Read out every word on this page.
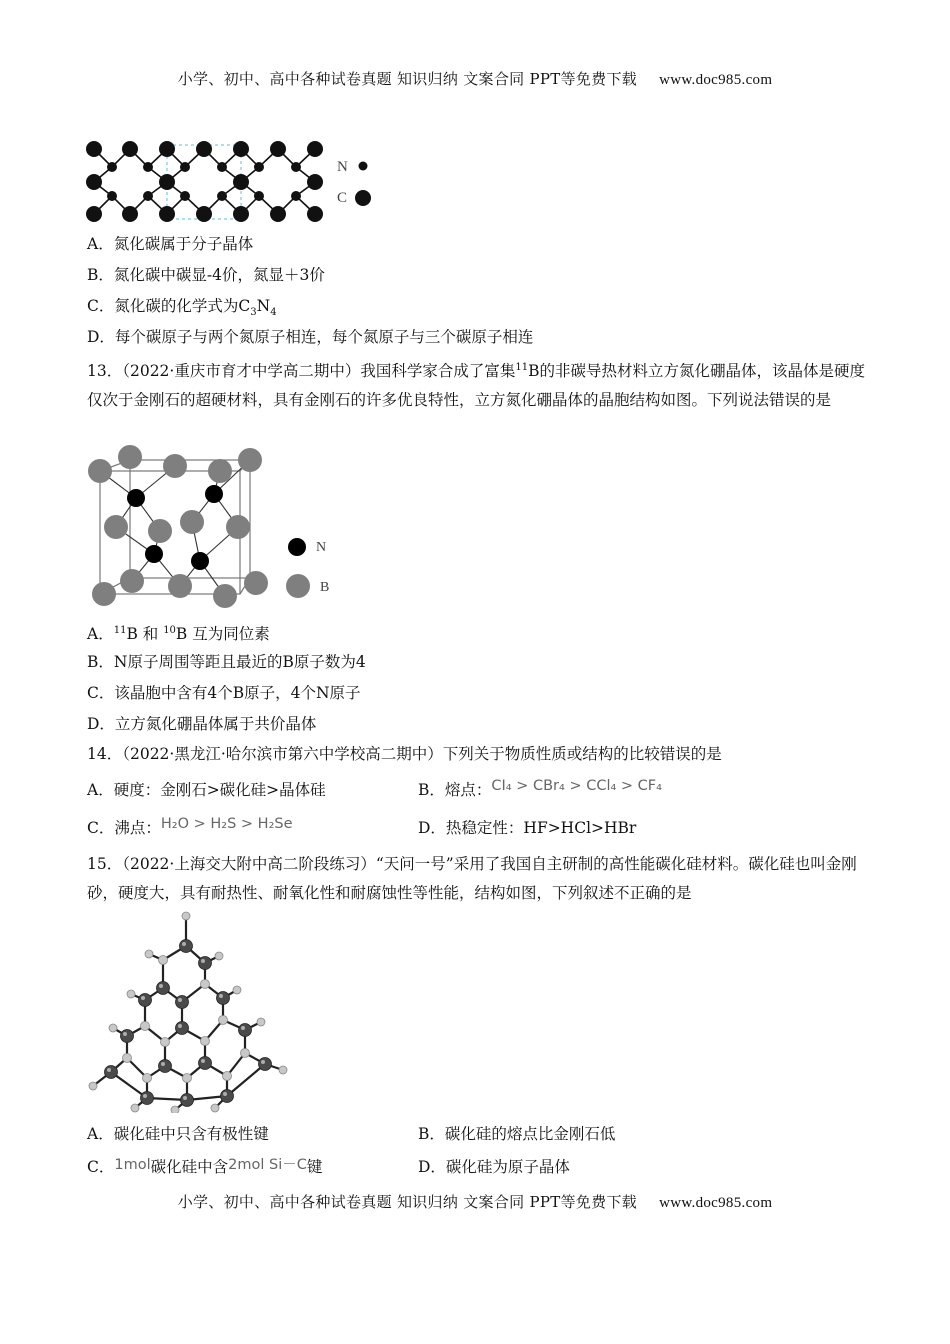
小学、初中、高中各种试卷真题 知识归纳 文案合同 PPT等免费下载 www.doc985.com
N
C
A．氮化碳属于分子晶体
B．氮化碳中碳显-4价，氮显＋3价
C．氮化碳的化学式为$C_3N_4$
D．每个碳原子与两个氮原子相连，每个氮原子与三个碳原子相连
13．（2022·重庆市育才中学高二期中）我国科学家合成了富集$^{11}$B的非碳导热材料立方氮化硼晶体，该晶体是硬度仅次于金刚石的超硬材料，具有金刚石的许多优良特性，立方氮化硼晶体的晶胞结构如图。下列说法错误的是
N
B
A．$^{11}$B 和 $^{10}$B 互为同位素
B．N原子周围等距且最近的B原子数为4
C．该晶胞中含有4个B原子，4个N原子
D．立方氮化硼晶体属于共价晶体
14．（2022·黑龙江·哈尔滨市第六中学校高二期中）下列关于物质性质或结构的比较错误的是
A．硬度：金刚石>碳化硅>晶体硅	B．熔点：CI₄ > CBr₄ > CCl₄ > CF₄
C．沸点：H₂O > H₂S > H₂Se	D．热稳定性：HF>HCl>HBr
15．（2022·上海交大附中高二阶段练习）“天问一号”采用了我国自主研制的高性能碳化硅材料。碳化硅也叫金刚砂，硬度大，具有耐热性、耐氧化性和耐腐蚀性等性能，结构如图，下列叙述不正确的是
A．碳化硅中只含有极性键	B．碳化硅的熔点比金刚石低
C．1mol碳化硅中含2mol Si－C键	D．碳化硅为原子晶体
小学、初中、高中各种试卷真题 知识归纳 文案合同 PPT等免费下载 www.doc985.com
